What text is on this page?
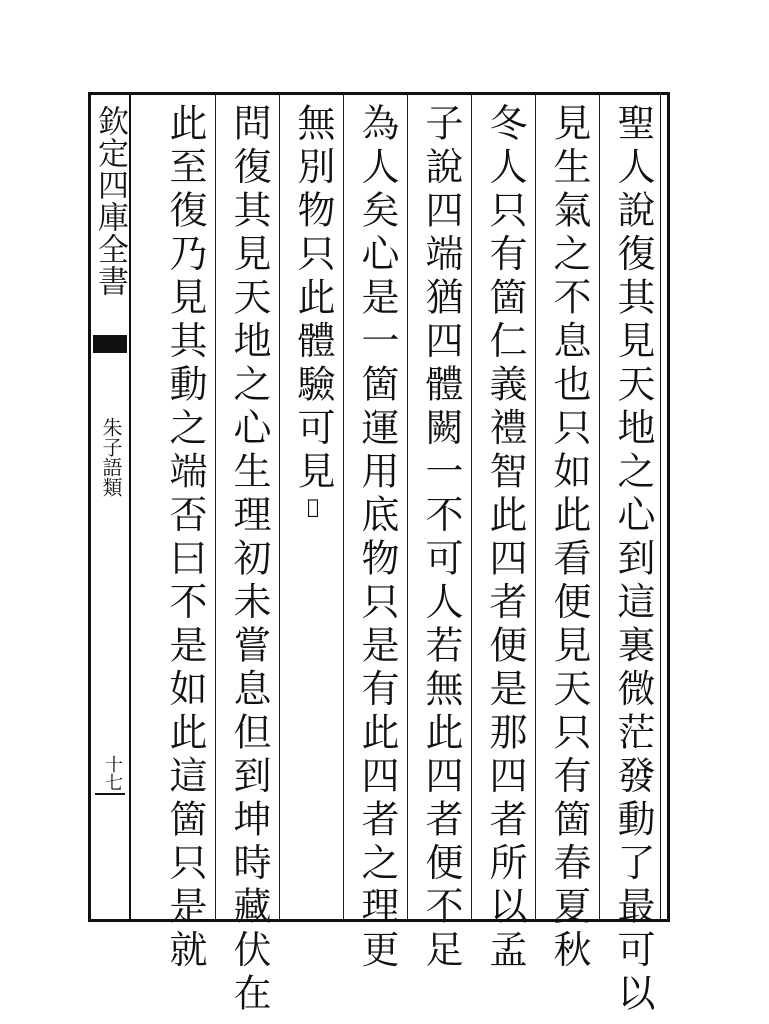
欽定四庫全書
朱子語類
十七	聖人說復其見天地之心到這裏微茫發動了最可以
見生氣之不息也只如此看便見天只有箇春夏秋
冬人只有箇仁義禮智此四者便是那四者所以孟
子說四端猶四體闕一不可人若無此四者便不足
為人矣心是一箇運用底物只是有此四者之理更
無別物只此體驗可見𨹧
問復其見天地之心生理初未嘗息但到坤時藏伏在
此至復乃見其動之端否曰不是如此這箇只是就
